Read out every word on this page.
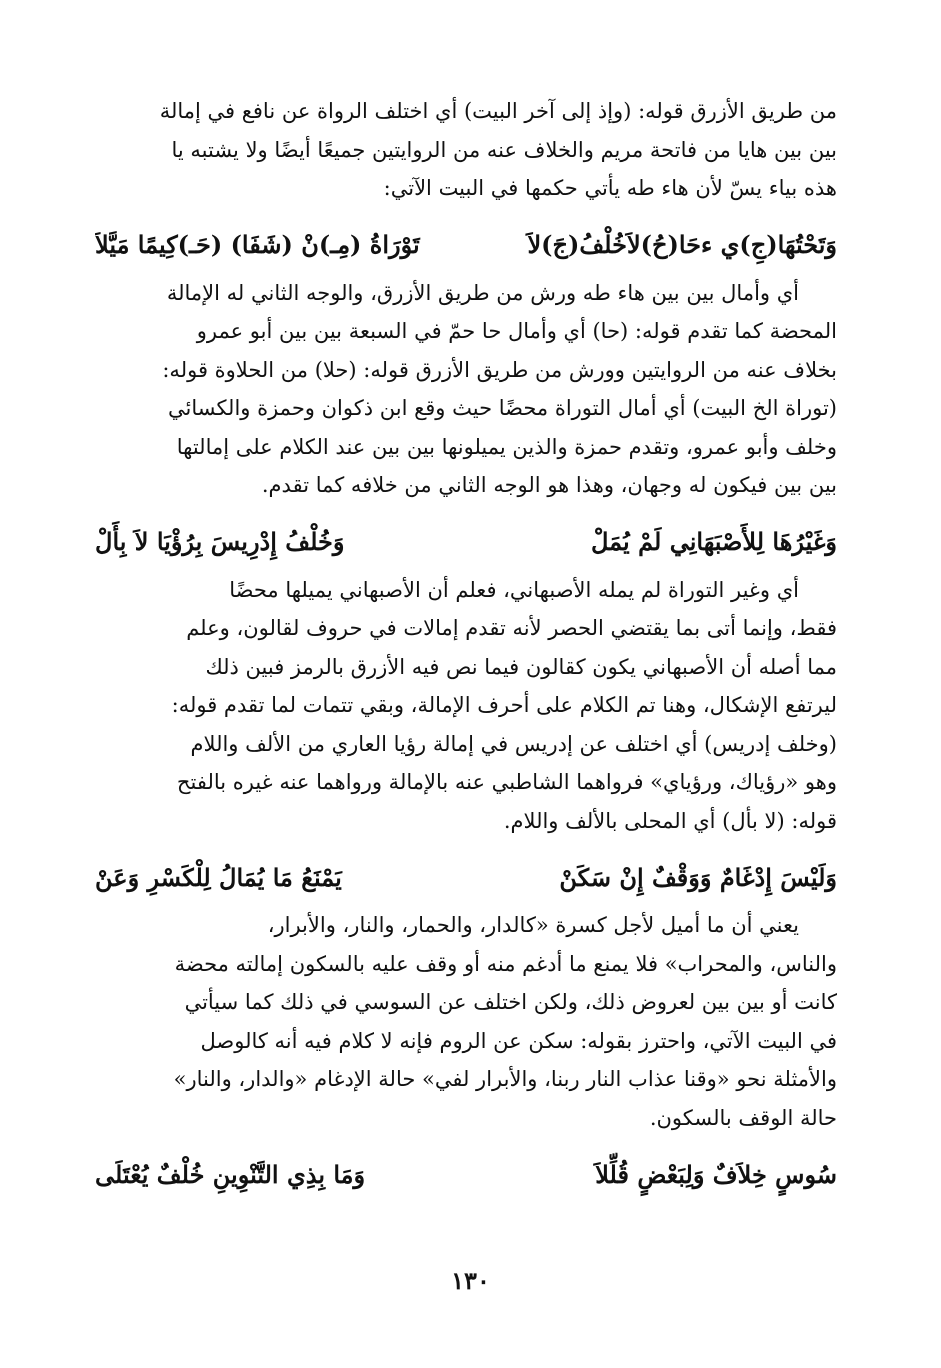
من طريق الأزرق قوله: (وإذ إلى آخر البيت) أي اختلف الرواة عن نافع في إمالة
بين بين هايا من فاتحة مريم والخلاف عنه من الروايتين جميعًا أيضًا ولا يشتبه يا
هذه بياء يسّ لأن هاء طه يأتي حكمها في البيت الآتي:

وَتَحْتُهَا(جِ)ي ءحَا(حُ)لاَخُلْفُ(جَ)لاَ
تَوْرَاةُ (مِـ)نْ (شَفَا) (حَـ)كِيمًا مَيَّلاَ

أي وأمال بين بين هاء طه ورش من طريق الأزرق، والوجه الثاني له الإمالة
المحضة كما تقدم قوله: (حا) أي وأمال حا حمّ في السبعة بين بين أبو عمرو
بخلاف عنه من الروايتين وورش من طريق الأزرق قوله: (حلا) من الحلاوة قوله:
(توراة الخ البيت) أي أمال التوراة محضًا حيث وقع ابن ذكوان وحمزة والكسائي
وخلف وأبو عمرو، وتقدم حمزة والذين يميلونها بين بين عند الكلام على إمالتها
بين بين فيكون له وجهان، وهذا هو الوجه الثاني من خلافه كما تقدم.

وَغَيْرُهَا لِلأَصْبَهَانِي لَمْ يُمَلْ
وَخُلْفُ إِدْرِيسَ بِرُؤْيَا لاَ بِأَلْ

أي وغير التوراة لم يمله الأصبهاني، فعلم أن الأصبهاني يميلها محضًا
فقط، وإنما أتى بما يقتضي الحصر لأنه تقدم إمالات في حروف لقالون، وعلم
مما أصله أن الأصبهاني يكون كقالون فيما نص فيه الأزرق بالرمز فبين ذلك
ليرتفع الإشكال، وهنا تم الكلام على أحرف الإمالة، وبقي تتمات لما تقدم قوله:
(وخلف إدريس) أي اختلف عن إدريس في إمالة رؤيا العاري من الألف واللام
وهو «رؤياك، ورؤياي» فرواهما الشاطبي عنه بالإمالة ورواهما عنه غيره بالفتح
قوله: (لا بأل) أي المحلى بالألف واللام.

وَلَيْسَ إِدْغَامٌ وَوَقْفٌ إِنْ سَكَنْ
يَمْنَعُ مَا يُمَالُ لِلْكَسْرِ وَعَنْ

يعني أن ما أميل لأجل كسرة «كالدار، والحمار، والنار، والأبرار،
والناس، والمحراب» فلا يمنع ما أدغم منه أو وقف عليه بالسكون إمالته محضة
كانت أو بين بين لعروض ذلك، ولكن اختلف عن السوسي في ذلك كما سيأتي
في البيت الآتي، واحترز بقوله: سكن عن الروم فإنه لا كلام فيه أنه كالوصل
والأمثلة نحو «وقنا عذاب النار ربنا، والأبرار لفي» حالة الإدغام «والدار، والنار»
حالة الوقف بالسكون.

سُوسٍ خِلاَفٌ وَلِبَعْضٍ قُلِّلاَ
وَمَا بِذِي التَّنْوِينِ خُلْفٌ يُعْتَلَى
١٣٠
